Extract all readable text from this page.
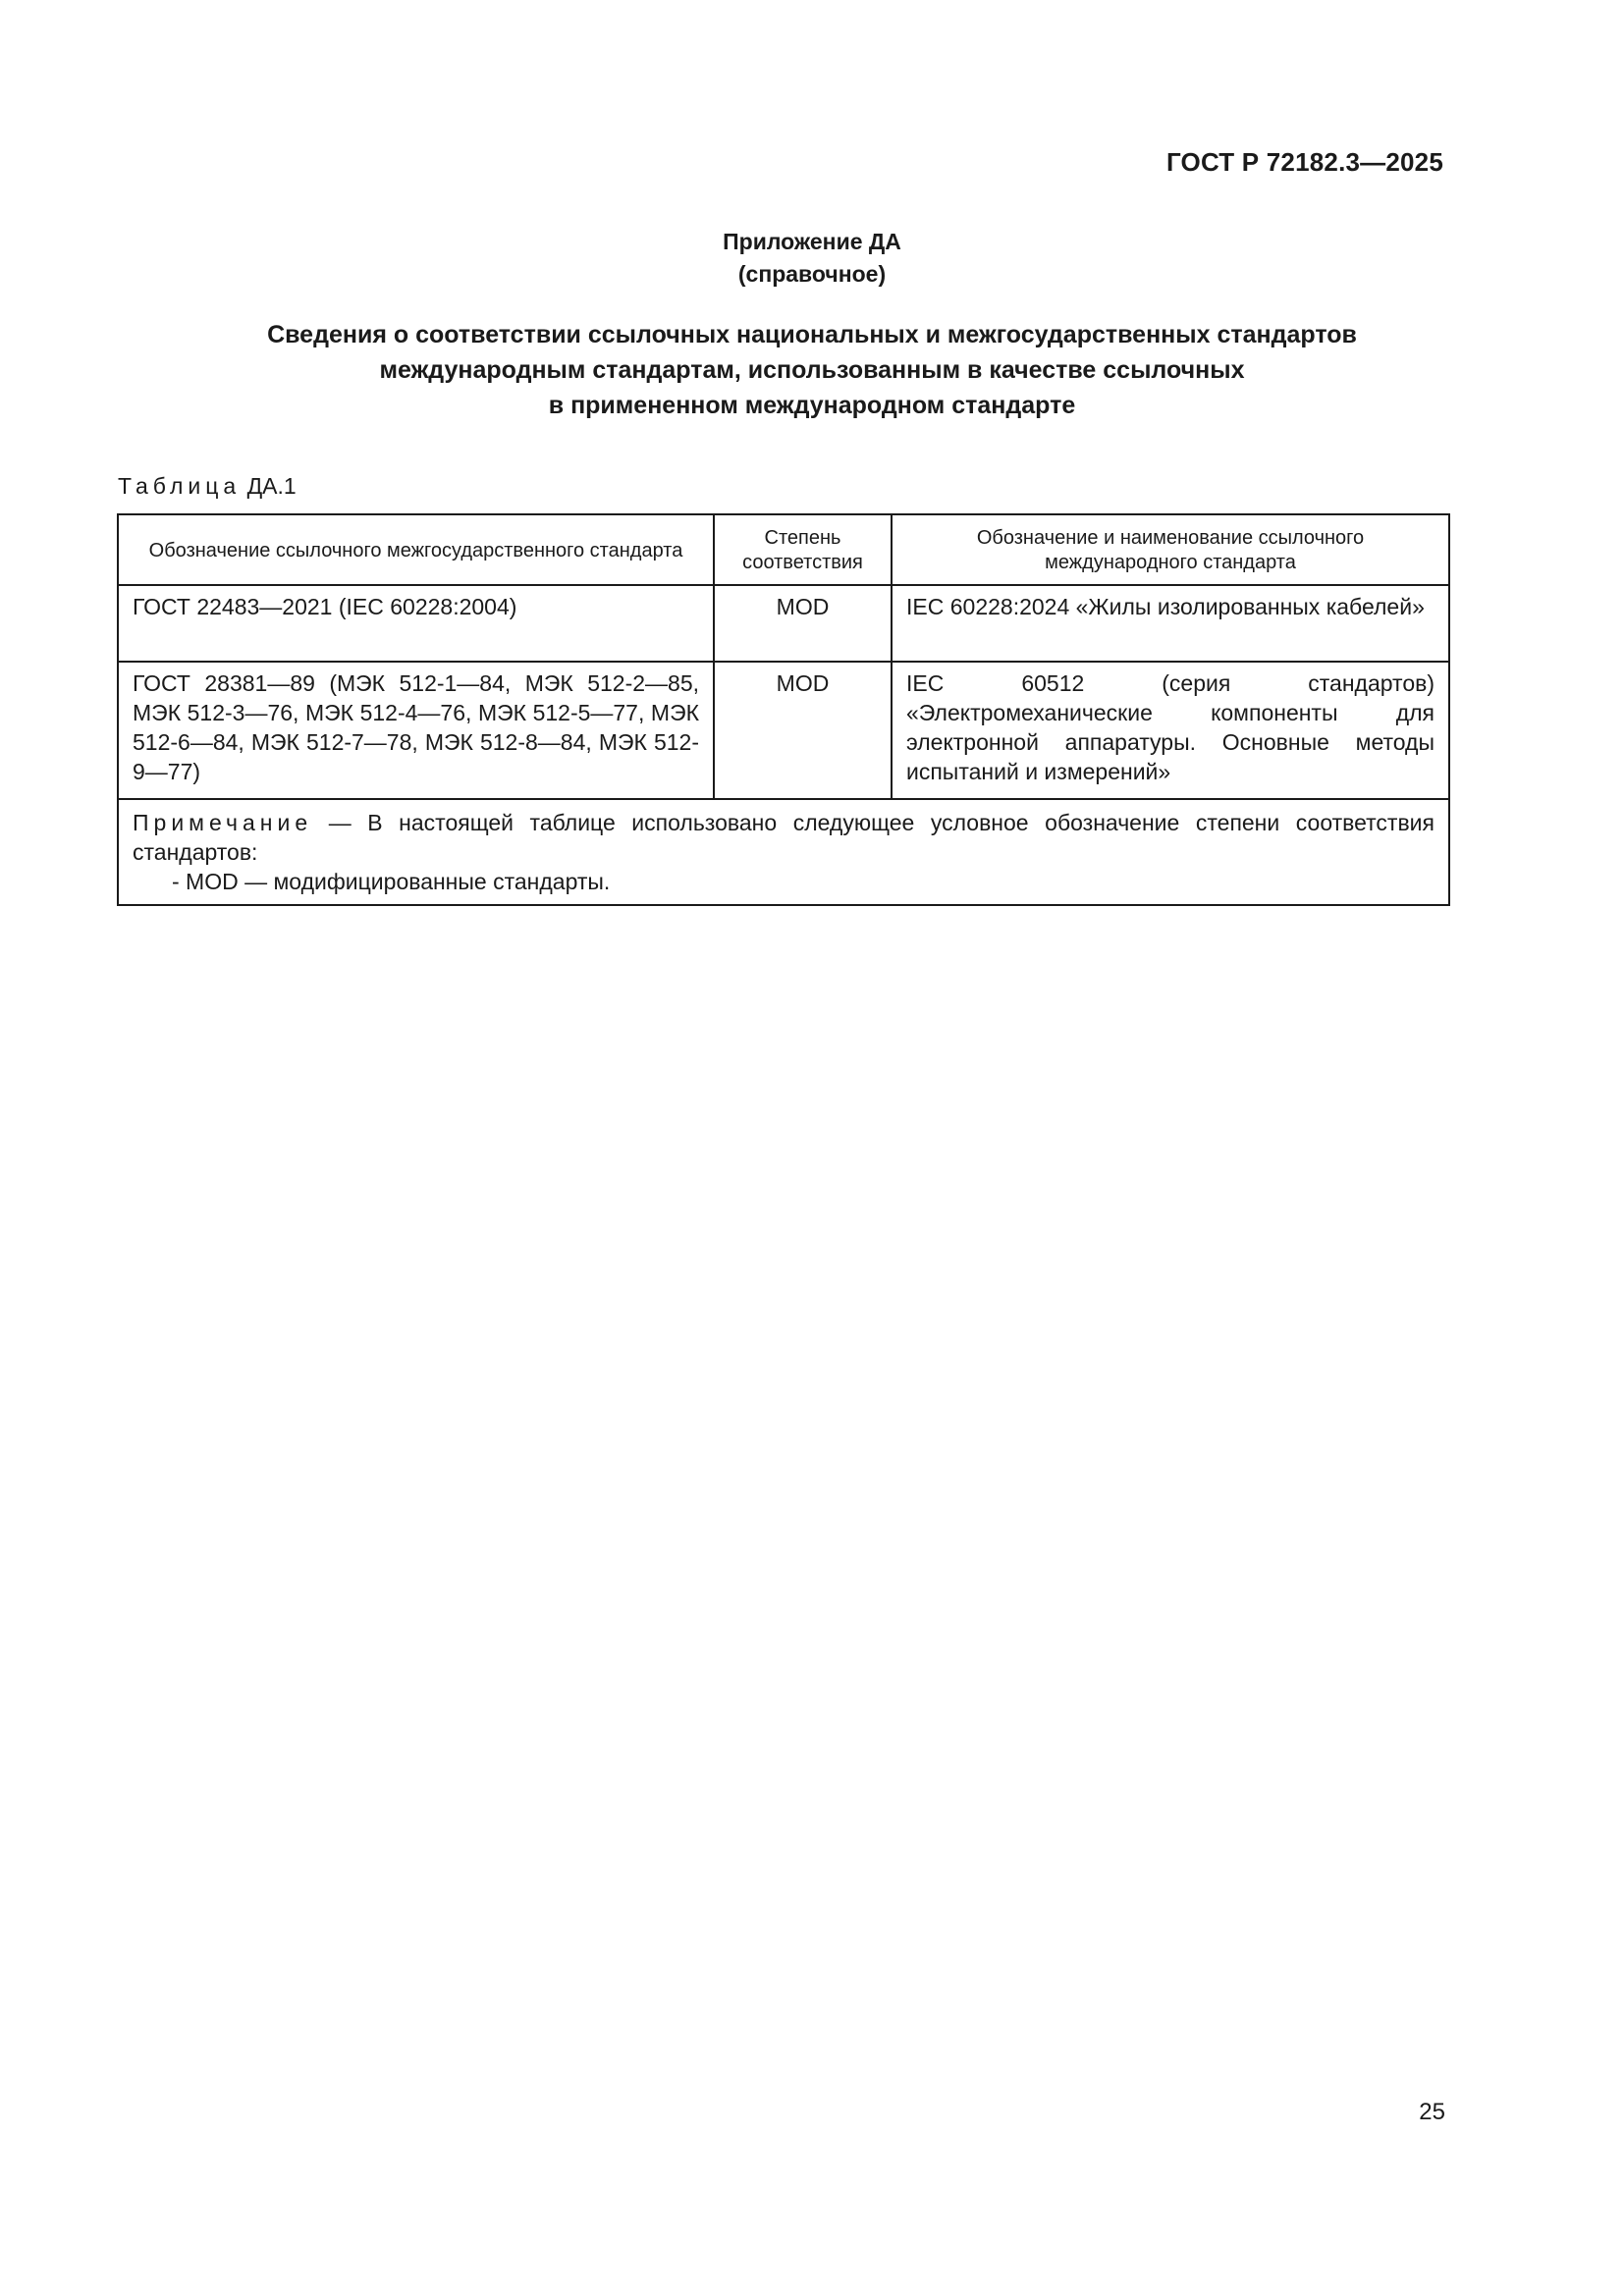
ГОСТ Р 72182.3—2025
Приложение ДА
(справочное)
Сведения о соответствии ссылочных национальных и межгосударственных стандартов
международным стандартам, использованным в качестве ссылочных
в примененном международном стандарте
Таблица ДА.1
Обозначение ссылочного межгосударственного стандарта	Степень соответствия	Обозначение и наименование ссылочного международного стандарта
ГОСТ 22483—2021 (IEC 60228:2004)	MOD	IEC 60228:2024 «Жилы изолированных кабелей»
ГОСТ 28381—89 (МЭК 512-1—84, МЭК 512-2—85, МЭК 512-3—76, МЭК 512-4—76, МЭК 512-5—77, МЭК 512-6—84, МЭК 512-7—78, МЭК 512-8—84, МЭК 512-9—77)	MOD	IEC 60512 (серия стандартов) «Электромеханические компоненты для электронной аппаратуры. Основные методы испытаний и измерений»

Примечание — В настоящей таблице использовано следующее условное обозначение степени соответствия стандартов:
- MOD — модифицированные стандарты.		
25
